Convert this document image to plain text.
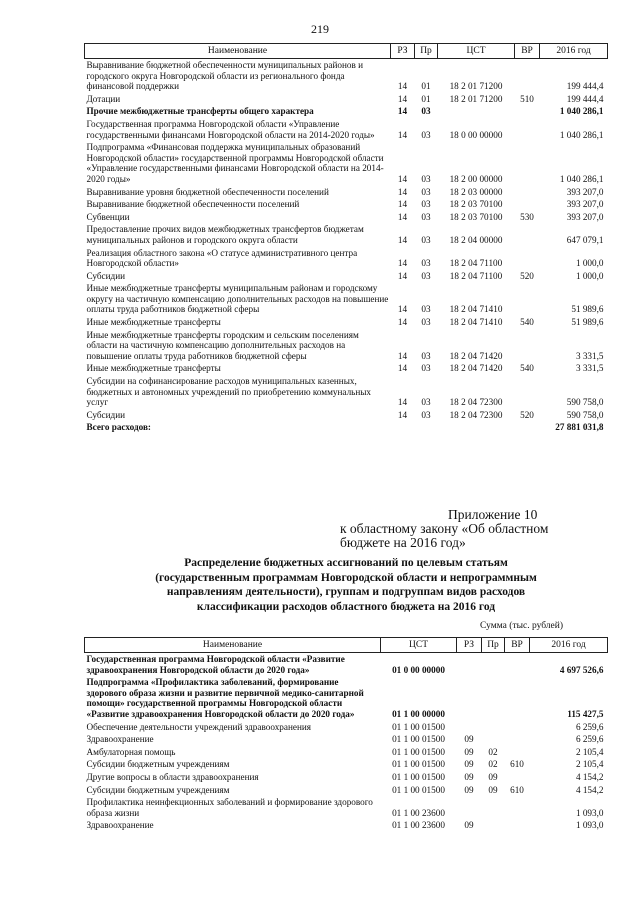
219
Наименование	РЗ	Пр	ЦСТ	ВР	2016 год
Выравнивание бюджетной обеспеченности муниципальных районов и городского округа Новгородской области из регионального фонда финансовой поддержки	14	01	18 2 01 71200		199 444,4
Дотации	14	01	18 2 01 71200	510	199 444,4
Прочие межбюджетные трансферты общего характера	14	03			1 040 286,1
Государственная программа Новгородской области «Управление государственными финансами Новгородской области на 2014-2020 годы»	14	03	18 0 00 00000		1 040 286,1
Подпрограмма «Финансовая поддержка муниципальных образований Новгородской области» государственной программы Новгородской области «Управление государственными финансами Новгородской области на 2014-2020 годы»	14	03	18 2 00 00000		1 040 286,1
Выравнивание уровня бюджетной обеспеченности поселений	14	03	18 2 03 00000		393 207,0
Выравнивание бюджетной обеспеченности поселений	14	03	18 2 03 70100		393 207,0
Субвенции	14	03	18 2 03 70100	530	393 207,0
Предоставление прочих видов межбюджетных трансфертов бюджетам муниципальных районов и городского округа области	14	03	18 2 04 00000		647 079,1
Реализация областного закона «О статусе административного центра Новгородской области»	14	03	18 2 04 71100		1 000,0
Субсидии	14	03	18 2 04 71100	520	1 000,0
Иные межбюджетные трансферты муниципальным районам и городскому округу на частичную компенсацию дополнительных расходов на повышение оплаты труда работников бюджетной сферы	14	03	18 2 04 71410		51 989,6
Иные межбюджетные трансферты	14	03	18 2 04 71410	540	51 989,6
Иные межбюджетные трансферты городским и сельским поселениям области на частичную компенсацию дополнительных расходов на повышение оплаты труда работников бюджетной сферы	14	03	18 2 04 71420		3 331,5
Иные межбюджетные трансферты	14	03	18 2 04 71420	540	3 331,5
Субсидии на софинансирование расходов муниципальных казенных, бюджетных и автономных учреждений по приобретению коммунальных услуг	14	03	18 2 04 72300		590 758,0
Субсидии	14	03	18 2 04 72300	520	590 758,0
Всего расходов:					27 881 031,8
Приложение 10
к областному закону «Об областном
бюджете на 2016 год»
Распределение бюджетных ассигнований по целевым статьям
(государственным программам Новгородской области и непрограммным
направлениям деятельности), группам и подгруппам видов расходов
классификации расходов областного бюджета на 2016 год
Сумма (тыс. рублей)
Наименование	ЦСТ	РЗ	Пр	ВР	2016 год
Государственная программа Новгородской области «Развитие здравоохранения Новгородской области до 2020 года»	01 0 00 00000				4 697 526,6
Подпрограмма «Профилактика заболеваний, формирование здорового образа жизни и развитие первичной медико-санитарной помощи» государственной программы Новгородской области «Развитие здравоохранения Новгородской области до 2020 года»	01 1 00 00000				115 427,5
Обеспечение деятельности учреждений здравоохранения	01 1 00 01500				6 259,6
Здравоохранение	01 1 00 01500	09			6 259,6
Амбулаторная помощь	01 1 00 01500	09	02		2 105,4
Субсидии бюджетным учреждениям	01 1 00 01500	09	02	610	2 105,4
Другие вопросы в области здравоохранения	01 1 00 01500	09	09		4 154,2
Субсидии бюджетным учреждениям	01 1 00 01500	09	09	610	4 154,2
Профилактика неинфекционных заболеваний и формирование здорового образа жизни	01 1 00 23600				1 093,0
Здравоохранение	01 1 00 23600	09			1 093,0
